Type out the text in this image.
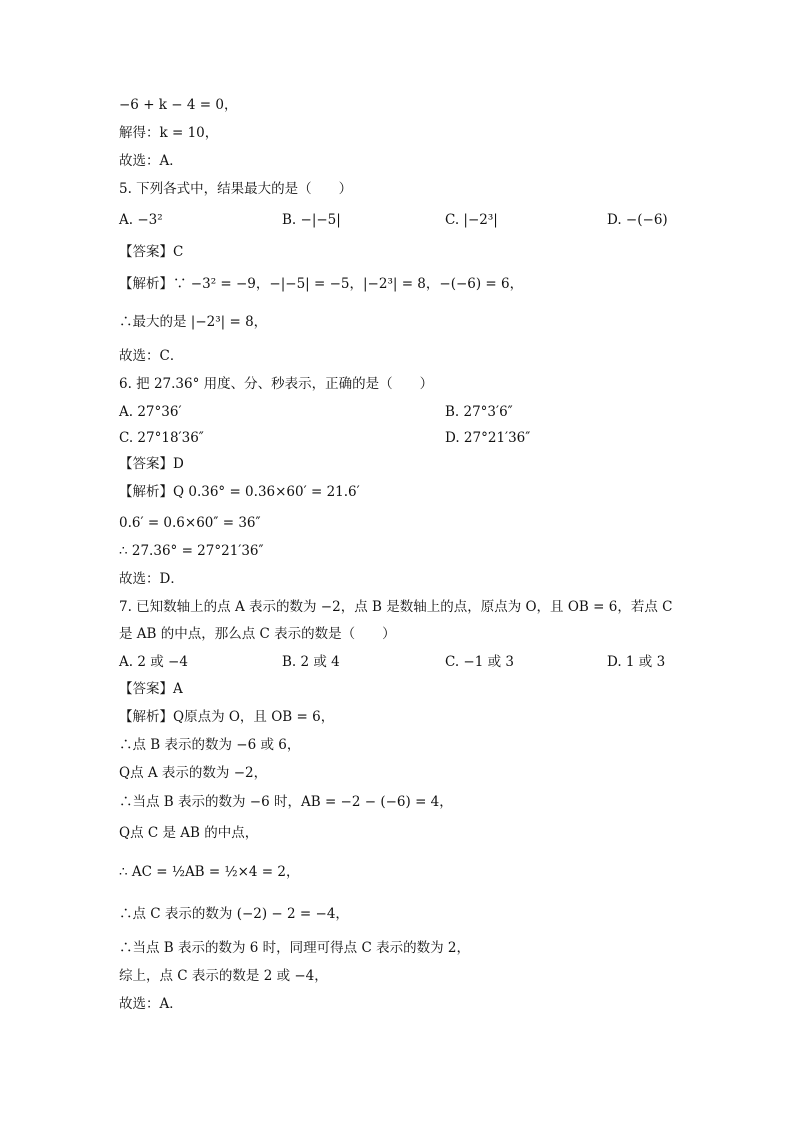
−6 + k − 4 = 0，
解得：k = 10，
故选：A．
5. 下列各式中，结果最大的是（　　）
A. −3²	B. −|−5|	C. |−2³|	D. −(−6)
【答案】C
【解析】∵ −3² = −9，−|−5| = −5，|−2³| = 8，−(−6) = 6，
∴最大的是 |−2³| = 8，
故选：C．
6. 把 27.36° 用度、分、秒表示，正确的是（　　）
A. 27°36′	B. 27°3′6″
C. 27°18′36″	D. 27°21′36″
【答案】D
【解析】Q 0.36° = 0.36×60′ = 21.6′
0.6′ = 0.6×60″ = 36″
∴ 27.36° = 27°21′36″
故选：D．
7. 已知数轴上的点 A 表示的数为 −2，点 B 是数轴上的点，原点为 O，且 OB = 6，若点 C
是 AB 的中点，那么点 C 表示的数是（　　）
A. 2 或 −4	B. 2 或 4	C. −1 或 3	D. 1 或 3
【答案】A
【解析】Q原点为 O，且 OB = 6，
∴点 B 表示的数为 −6 或 6，
Q点 A 表示的数为 −2，
∴当点 B 表示的数为 −6 时，AB = −2 − (−6) = 4，
Q点 C 是 AB 的中点，
∴ AC = ½AB = ½×4 = 2，
∴点 C 表示的数为 (−2) − 2 = −4，
∴当点 B 表示的数为 6 时，同理可得点 C 表示的数为 2，
综上，点 C 表示的数是 2 或 −4，
故选：A．
